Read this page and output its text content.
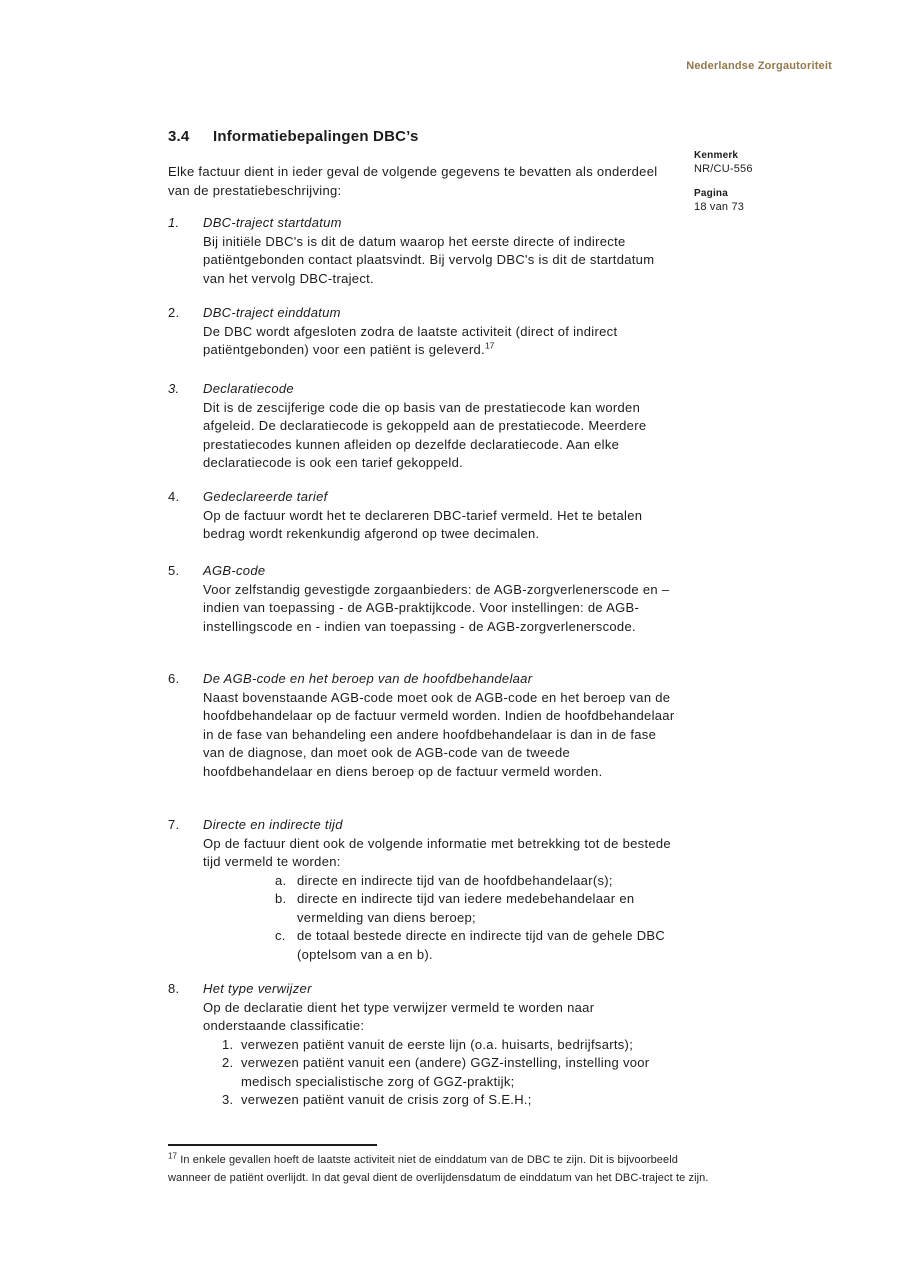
Nederlandse Zorgautoriteit
Kenmerk
NR/CU-556
Pagina
18 van 73
3.4	Informatiebepalingen DBC’s
Elke factuur dient in ieder geval de volgende gegevens te bevatten als onderdeel van de prestatiebeschrijving:
1.	DBC-traject startdatum
Bij initiële DBC's is dit de datum waarop het eerste directe of indirecte patiëntgebonden contact plaatsvindt. Bij vervolg DBC's is dit de startdatum van het vervolg DBC-traject.
2.	DBC-traject einddatum
De DBC wordt afgesloten zodra de laatste activiteit (direct of indirect patiëntgebonden) voor een patiënt is geleverd.$^{17}$
3.	Declaratiecode
Dit is de zescijferige code die op basis van de prestatiecode kan worden afgeleid. De declaratiecode is gekoppeld aan de prestatiecode. Meerdere prestatiecodes kunnen afleiden op dezelfde declaratiecode. Aan elke declaratiecode is ook een tarief gekoppeld.
4.	Gedeclareerde tarief
Op de factuur wordt het te declareren DBC-tarief vermeld. Het te betalen bedrag wordt rekenkundig afgerond op twee decimalen.
5.	AGB-code
Voor zelfstandig gevestigde zorgaanbieders: de AGB-zorgverlenerscode en – indien van toepassing - de AGB-praktijkcode. Voor instellingen: de AGB-instellingscode en - indien van toepassing - de AGB-zorgverlenerscode.
6.	De AGB-code en het beroep van de hoofdbehandelaar
Naast bovenstaande AGB-code moet ook de AGB-code en het beroep van de hoofdbehandelaar op de factuur vermeld worden. Indien de hoofdbehandelaar in de fase van behandeling een andere hoofdbehandelaar is dan in de fase van de diagnose, dan moet ook de AGB-code van de tweede hoofdbehandelaar en diens beroep op de factuur vermeld worden.
7.	Directe en indirecte tijd
Op de factuur dient ook de volgende informatie met betrekking tot de bestede tijd vermeld te worden:
a. directe en indirecte tijd van de hoofdbehandelaar(s);
b. directe en indirecte tijd van iedere medebehandelaar en vermelding van diens beroep;
c. de totaal bestede directe en indirecte tijd van de gehele DBC (optelsom van a en b).
8.	Het type verwijzer
Op de declaratie dient het type verwijzer vermeld te worden naar onderstaande classificatie:
1. verwezen patiënt vanuit de eerste lijn (o.a. huisarts, bedrijfsarts);
2. verwezen patiënt vanuit een (andere) GGZ-instelling, instelling voor medisch specialistische zorg of GGZ-praktijk;
3. verwezen patiënt vanuit de crisis zorg of S.E.H.;
$^{17}$ In enkele gevallen hoeft de laatste activiteit niet de einddatum van de DBC te zijn. Dit is bijvoorbeeld wanneer de patiënt overlijdt. In dat geval dient de overlijdensdatum de einddatum van het DBC-traject te zijn.
